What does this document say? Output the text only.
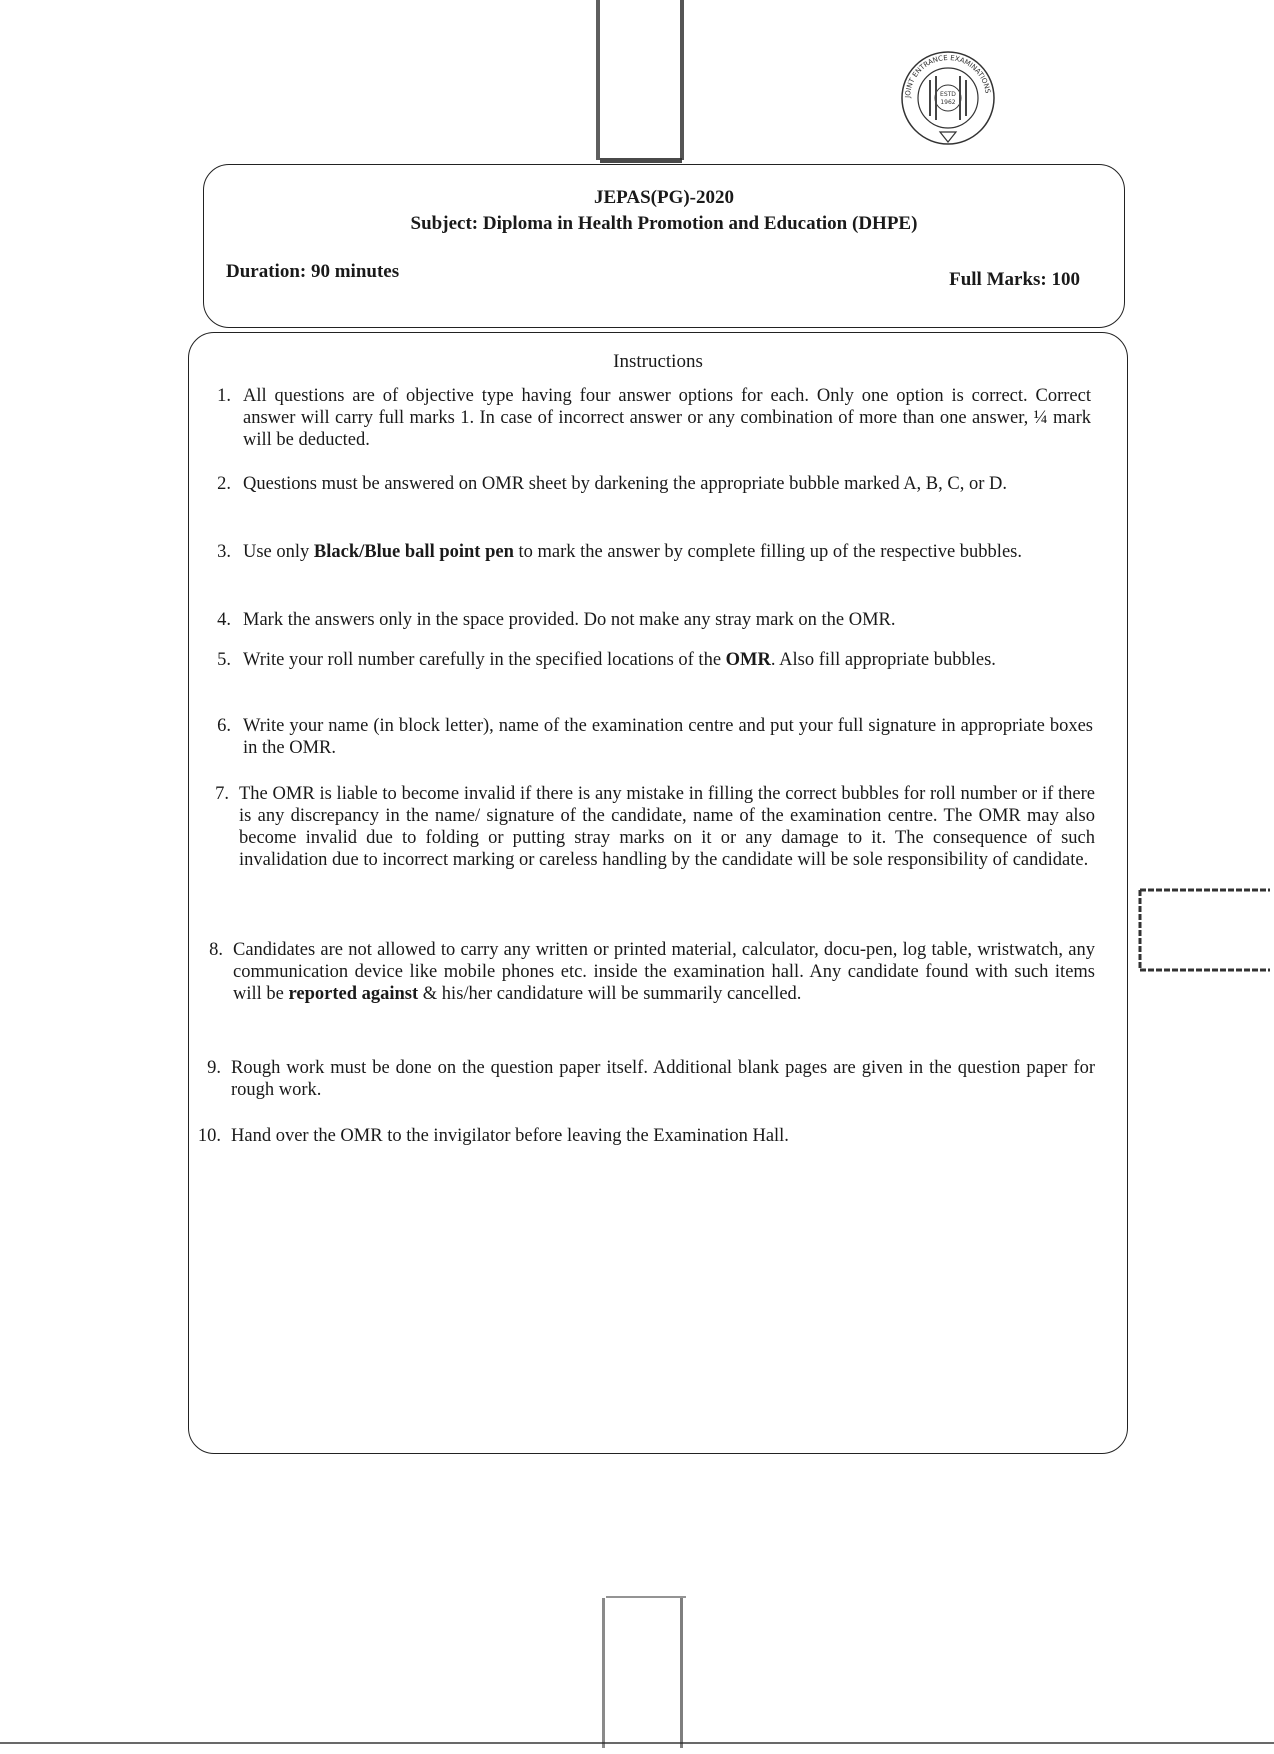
ESTD
1962
JOINT ENTRANCE EXAMINATIONS
JEPAS(PG)-2020
Subject: Diploma in Health Promotion and Education (DHPE)
Duration: 90 minutes	Full Marks: 100
Instructions
1. All questions are of objective type having four answer options for each. Only one option is correct. Correct answer will carry full marks 1. In case of incorrect answer or any combination of more than one answer, ¼ mark will be deducted.
2. Questions must be answered on OMR sheet by darkening the appropriate bubble marked A, B, C, or D.
3. Use only Black/Blue ball point pen to mark the answer by complete filling up of the respective bubbles.
4. Mark the answers only in the space provided. Do not make any stray mark on the OMR.
5. Write your roll number carefully in the specified locations of the OMR. Also fill appropriate bubbles.
6. Write your name (in block letter), name of the examination centre and put your full signature in appropriate boxes in the OMR.
7. The OMR is liable to become invalid if there is any mistake in filling the correct bubbles for roll number or if there is any discrepancy in the name/ signature of the candidate, name of the examination centre. The OMR may also become invalid due to folding or putting stray marks on it or any damage to it. The consequence of such invalidation due to incorrect marking or careless handling by the candidate will be sole responsibility of candidate.
8. Candidates are not allowed to carry any written or printed material, calculator, docu-pen, log table, wristwatch, any communication device like mobile phones etc. inside the examination hall. Any candidate found with such items will be reported against & his/her candidature will be summarily cancelled.
9. Rough work must be done on the question paper itself. Additional blank pages are given in the question paper for rough work.
10. Hand over the OMR to the invigilator before leaving the Examination Hall.
